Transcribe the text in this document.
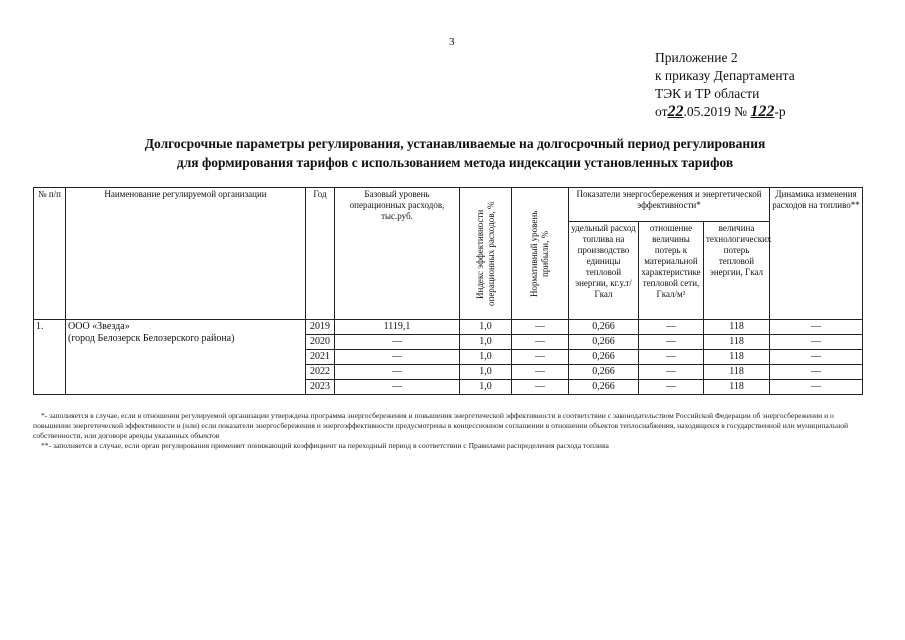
3
Приложение 2
к приказу Департамента
ТЭК и ТР области
от22.05.2019 № 122-р
Долгосрочные параметры регулирования, устанавливаемые на долгосрочный период регулирования
для формирования тарифов с использованием метода индексации установленных тарифов
№ п/п	Наименование регулируемой организации	Год	Базовый уровень операционных расходов, тыс.руб.	Индекс эффективности операционных расходов, %	Нормативный уровень прибыли, %	Показатели энергосбережения и энергетической эффективности*			Динамика изменения расходов на топливо**
						удельный расход топлива на производство единицы тепловой энергии, кг.у.т/Гкал	отношение величины потерь к материальной характеристике тепловой сети, Гкал/м²	величина технологических потерь тепловой энергии, Гкал	
1.	ООО «Звезда»
(город Белозерск Белозерского района)	2019	1119,1	1,0	—	0,266	—	118	—
		2020	—	1,0	—	0,266	—	118	—
		2021	—	1,0	—	0,266	—	118	—
		2022	—	1,0	—	0,266	—	118	—
		2023	—	1,0	—	0,266	—	118	—

*- заполняется в случае, если в отношении регулируемой организации утверждена программа энергосбережения и повышения энергетической эффективности в соответствии с законодательством Российской Федерации об энергосбережении и о повышении энергетической эффективности и (или) если показатели энергосбережения и энергоэффективности предусмотрены в концессионном соглашении в отношении объектов теплоснабжения, находящихся в государственной или муниципальной собственности, или договоре аренды указанных объектов

**- заполняется в случае, если орган регулирования применяет понижающий коэффициент на переходный период в соответствии с Правилами распределения расхода топлива
